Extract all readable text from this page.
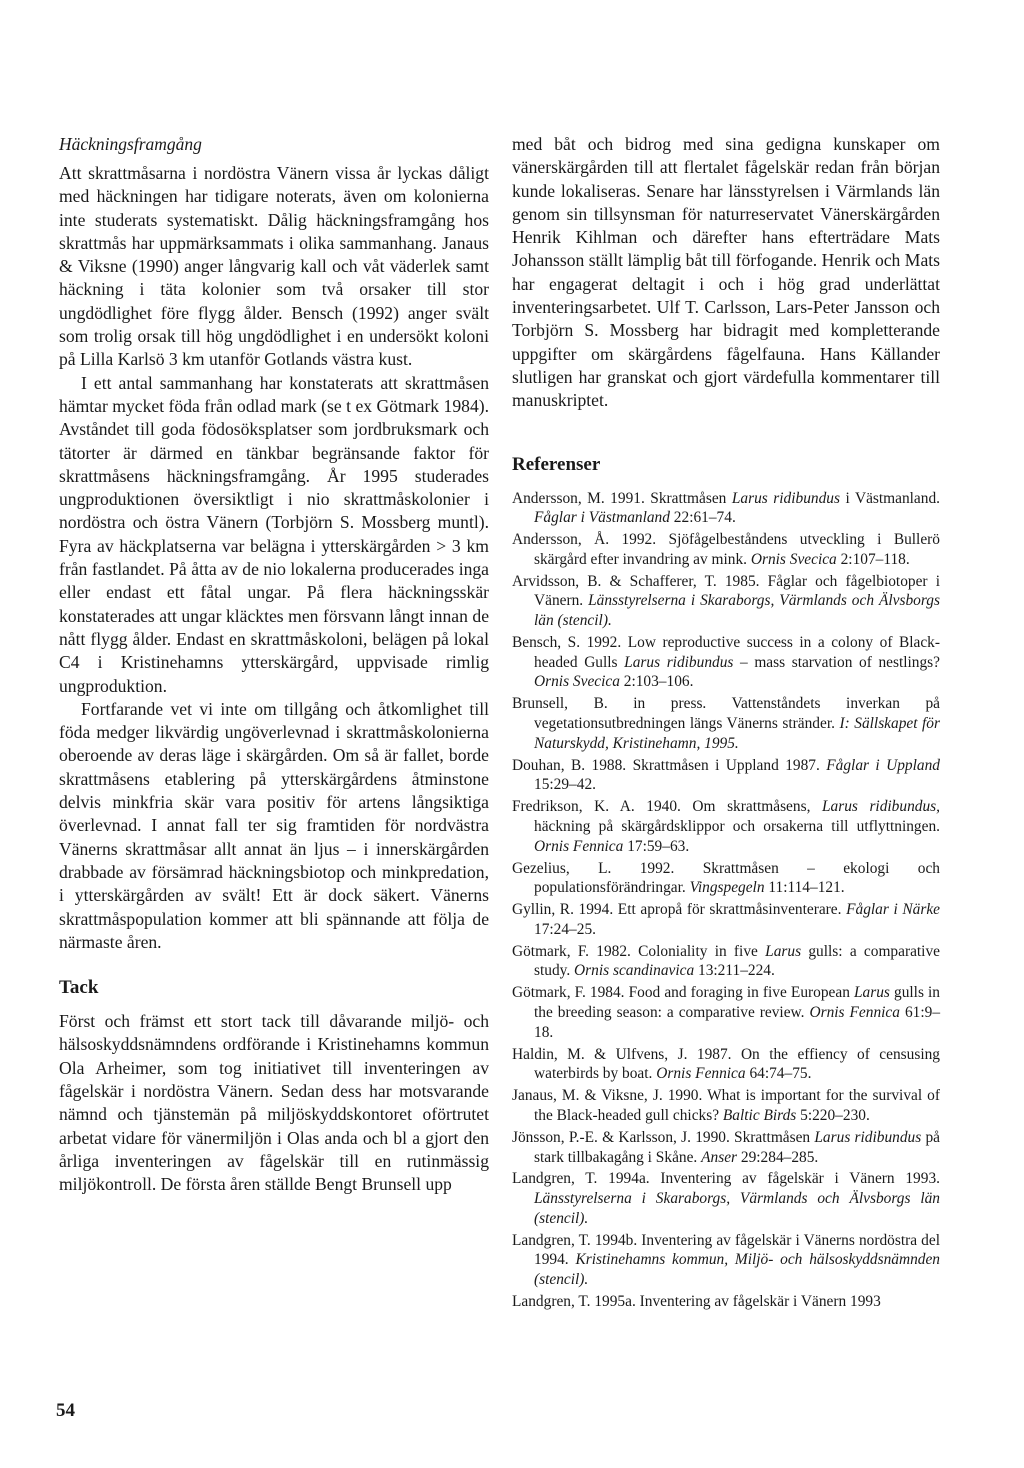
Häckningsframgång

Att skrattmåsarna i nordöstra Vänern vissa år lyckas dåligt med häckningen har tidigare noterats, även om kolonierna inte studerats systematiskt. Dålig häckningsframgång hos skrattmås har uppmärksammats i olika sammanhang. Janaus & Viksne (1990) anger långvarig kall och våt väderlek samt häckning i täta kolonier som två orsaker till stor ungdödlighet före flygg ålder. Bensch (1992) anger svält som trolig orsak till hög ungdödlighet i en undersökt koloni på Lilla Karlsö 3 km utanför Gotlands västra kust.

I ett antal sammanhang har konstaterats att skrattmåsen hämtar mycket föda från odlad mark (se t ex Götmark 1984). Avståndet till goda födosöksplatser som jordbruksmark och tätorter är därmed en tänkbar begränsande faktor för skrattmåsens häckningsframgång. År 1995 studerades ungproduktionen översiktligt i nio skrattmåskolonier i nordöstra och östra Vänern (Torbjörn S. Mossberg muntl). Fyra av häckplatserna var belägna i ytterskärgården > 3 km från fastlandet. På åtta av de nio lokalerna producerades inga eller endast ett fåtal ungar. På flera häckningsskär konstaterades att ungar kläcktes men försvann långt innan de nått flygg ålder. Endast en skrattmåskoloni, belägen på lokal C4 i Kristinehamns ytterskärgård, uppvisade rimlig ungproduktion.

Fortfarande vet vi inte om tillgång och åtkomlighet till föda medger likvärdig ungöverlevnad i skrattmåskolonierna oberoende av deras läge i skärgården. Om så är fallet, borde skrattmåsens etablering på ytterskärgårdens åtminstone delvis minkfria skär vara positiv för artens långsiktiga överlevnad. I annat fall ter sig framtiden för nordvästra Vänerns skrattmåsar allt annat än ljus – i innerskärgården drabbade av försämrad häckningsbiotop och minkpredation, i ytterskärgården av svält! Ett är dock säkert. Vänerns skrattmåspopulation kommer att bli spännande att följa de närmaste åren.

Tack

Först och främst ett stort tack till dåvarande miljö- och hälsoskyddsnämndens ordförande i Kristinehamns kommun Ola Arheimer, som tog initiativet till inventeringen av fågelskär i nordöstra Vänern. Sedan dess har motsvarande nämnd och tjänstemän på miljöskyddskontoret oförtrutet arbetat vidare för vänermiljön i Olas anda och bl a gjort den årliga inventeringen av fågelskär till en rutinmässig miljökontroll. De första åren ställde Bengt Brunsell upp

med båt och bidrog med sina gedigna kunskaper om vänerskärgården till att flertalet fågelskär redan från början kunde lokaliseras. Senare har länsstyrelsen i Värmlands län genom sin tillsynsman för naturreservatet Vänerskärgården Henrik Kihlman och därefter hans efterträdare Mats Johansson ställt lämplig båt till förfogande. Henrik och Mats har engagerat deltagit i och i hög grad underlättat inventeringsarbetet. Ulf T. Carlsson, Lars-Peter Jansson och Torbjörn S. Mossberg har bidragit med kompletterande uppgifter om skärgårdens fågelfauna. Hans Källander slutligen har granskat och gjort värdefulla kommentarer till manuskriptet.

Referenser

Andersson, M. 1991. Skrattmåsen Larus ridibundus i Västmanland. Fåglar i Västmanland 22:61–74.

Andersson, Å. 1992. Sjöfågelbeståndens utveckling i Bullerö skärgård efter invandring av mink. Ornis Svecica 2:107–118.

Arvidsson, B. & Schafferer, T. 1985. Fåglar och fågelbiotoper i Vänern. Länsstyrelserna i Skaraborgs, Värmlands och Älvsborgs län (stencil).

Bensch, S. 1992. Low reproductive success in a colony of Black-headed Gulls Larus ridibundus – mass starvation of nestlings? Ornis Svecica 2:103–106.

Brunsell, B. in press. Vattenståndets inverkan på vegetationsutbredningen längs Vänerns stränder. I: Sällskapet för Naturskydd, Kristinehamn, 1995.

Douhan, B. 1988. Skrattmåsen i Uppland 1987. Fåglar i Uppland 15:29–42.

Fredrikson, K. A. 1940. Om skrattmåsens, Larus ridibundus, häckning på skärgårdsklippor och orsakerna till utflyttningen. Ornis Fennica 17:59–63.

Gezelius, L. 1992. Skrattmåsen – ekologi och populationsförändringar. Vingspegeln 11:114–121.

Gyllin, R. 1994. Ett apropå för skrattmåsinventerare. Fåglar i Närke 17:24–25.

Götmark, F. 1982. Coloniality in five Larus gulls: a comparative study. Ornis scandinavica 13:211–224.

Götmark, F. 1984. Food and foraging in five European Larus gulls in the breeding season: a comparative review. Ornis Fennica 61:9–18.

Haldin, M. & Ulfvens, J. 1987. On the effiency of censusing waterbirds by boat. Ornis Fennica 64:74–75.

Janaus, M. & Viksne, J. 1990. What is important for the survival of the Black-headed gull chicks? Baltic Birds 5:220–230.

Jönsson, P.-E. & Karlsson, J. 1990. Skrattmåsen Larus ridibundus på stark tillbakagång i Skåne. Anser 29:284–285.

Landgren, T. 1994a. Inventering av fågelskär i Vänern 1993. Länsstyrelserna i Skaraborgs, Värmlands och Älvsborgs län (stencil).

Landgren, T. 1994b. Inventering av fågelskär i Vänerns nordöstra del 1994. Kristinehamns kommun, Miljö- och hälsoskyddsnämnden (stencil).

Landgren, T. 1995a. Inventering av fågelskär i Vänern 1993

54
